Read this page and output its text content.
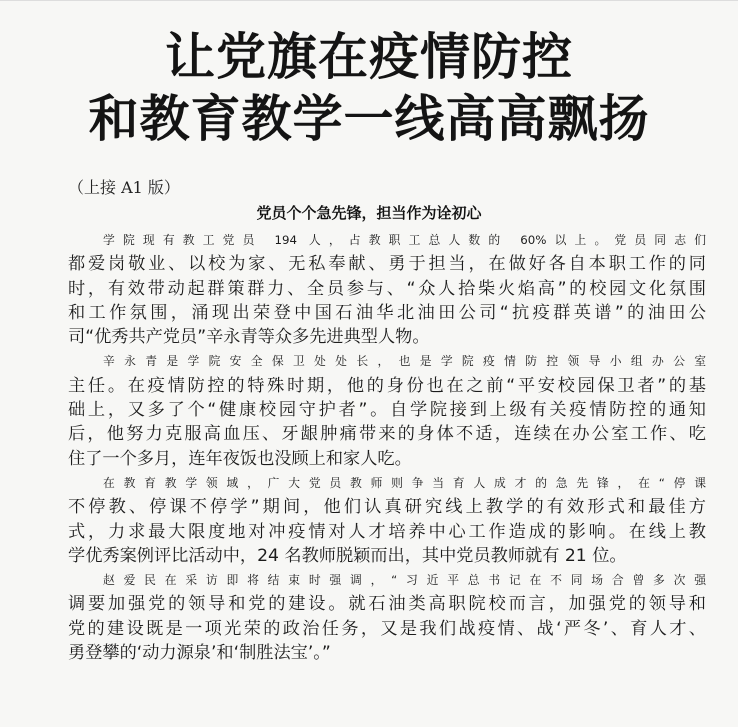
让党旗在疫情防控
和教育教学一线高高飘扬
（上接 A1 版）
党员个个急先锋，担当作为诠初心

学院现有教工党员 194 人，占教职工总人数的 60%以上。党员同志们
都爱岗敬业、以校为家、无私奉献、勇于担当，在做好各自本职工作的同
时，有效带动起群策群力、全员参与、“众人拾柴火焰高”的校园文化氛围
和工作氛围，涌现出荣登中国石油华北油田公司“抗疫群英谱”的油田公
司“优秀共产党员”辛永青等众多先进典型人物。

辛永青是学院安全保卫处处长，也是学院疫情防控领导小组办公室
主任。在疫情防控的特殊时期，他的身份也在之前“平安校园保卫者”的基
础上，又多了个“健康校园守护者”。自学院接到上级有关疫情防控的通知
后，他努力克服高血压、牙龈肿痛带来的身体不适，连续在办公室工作、吃
住了一个多月，连年夜饭也没顾上和家人吃。

在教育教学领域，广大党员教师则争当育人成才的急先锋，在“停课
不停教、停课不停学”期间，他们认真研究线上教学的有效形式和最佳方
式，力求最大限度地对冲疫情对人才培养中心工作造成的影响。在线上教
学优秀案例评比活动中，24 名教师脱颖而出，其中党员教师就有 21 位。

赵爱民在采访即将结束时强调，“习近平总书记在不同场合曾多次强
调要加强党的领导和党的建设。就石油类高职院校而言，加强党的领导和
党的建设既是一项光荣的政治任务，又是我们战疫情、战‘严冬’、育人才、
勇登攀的‘动力源泉’和‘制胜法宝’。”
